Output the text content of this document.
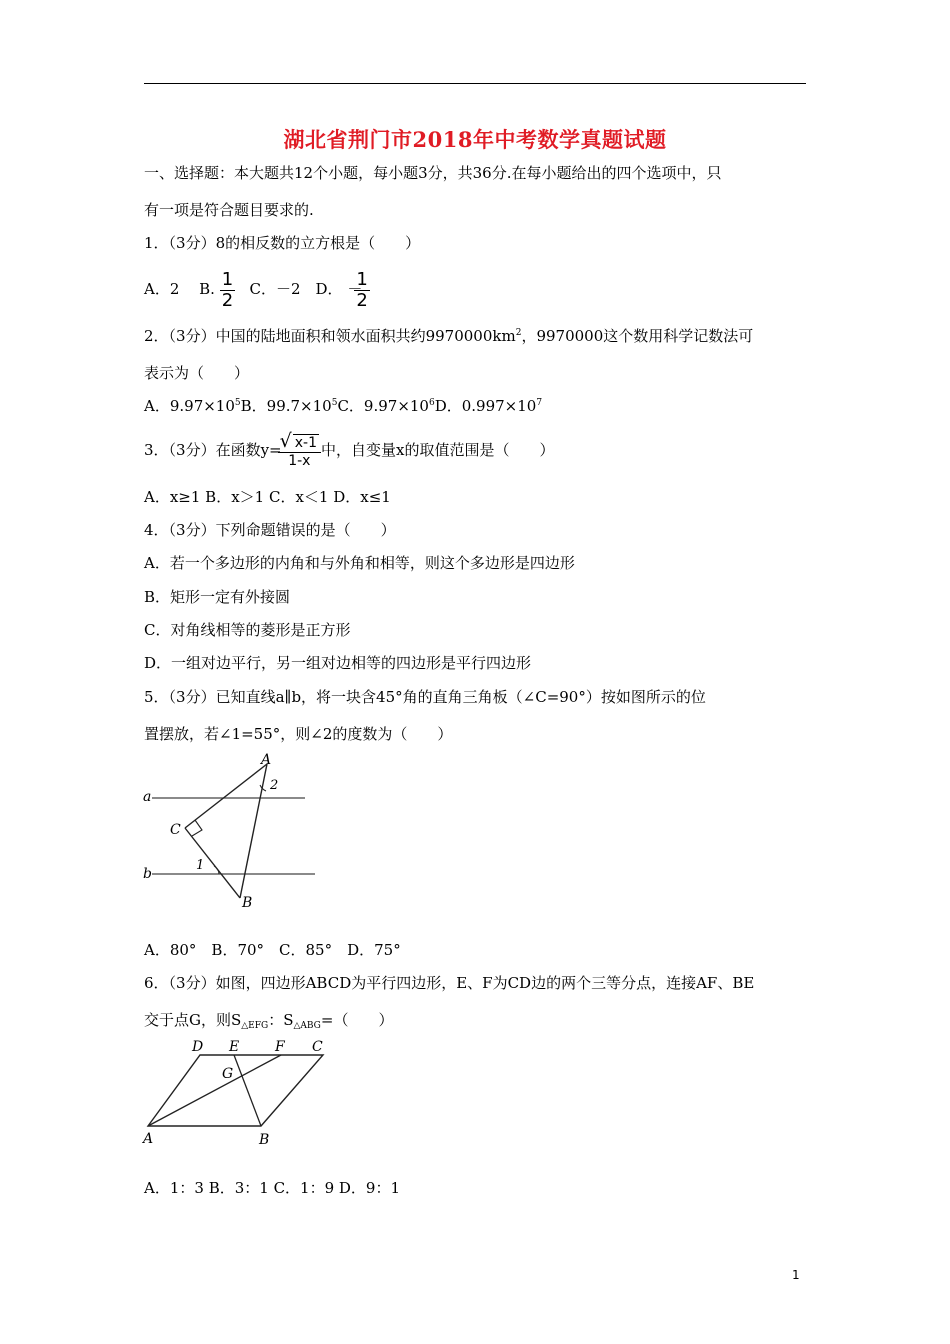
湖北省荆门市2018年中考数学真题试题
一、选择题：本大题共12个小题，每小题3分，共36分.在每小题给出的四个选项中，只
有一项是符合题目要求的.
1．（3分）8的相反数的立方根是（　　）
A．2　 B. $\frac{1}{2}$ C．－2　D． －
$\frac{1}{2}$
2．（3分）中国的陆地面积和领水面积共约$9970000km^2$，9970000这个数用科学记数法可
表示为（　　）
A．$9.97\times 10^5B$．$99.7\times 10^5C$．$9.97\times 10^6D$．$0.997\times 10^7$
3．（3分）在函数y=
$\frac{√ x-1}{1-x}$ 中，自变量x的取值范围是（　　）
A．x≥1 B．x＞1 C．x＜1 D．x≤1
4．（3分）下列命题错误的是（　　）
A．若一个多边形的内角和与外角和相等，则这个多边形是四边形
B．矩形一定有外接圆
C．对角线相等的菱形是正方形
D．一组对边平行，另一组对边相等的四边形是平行四边形
5．（3分）已知直线a∥b，将一块含45°角的直角三角板（∠C=90°）按如图所示的位
置摆放，若∠1=55°，则∠2的度数为（　　）
a
b
A
C
B
1
2
A．80°　B．70°　C．85°　D．75°
6．（3分）如图，四边形ABCD为平行四边形，E、F为CD边的两个三等分点，连接AF、BE
交于点G，则$S_{\triangle EFG}$：$S_{\triangle ABG}=$（　　）
D E	F C
G
A	B
A．1：3 B．3：1 C．1：9 D．9：1
1
